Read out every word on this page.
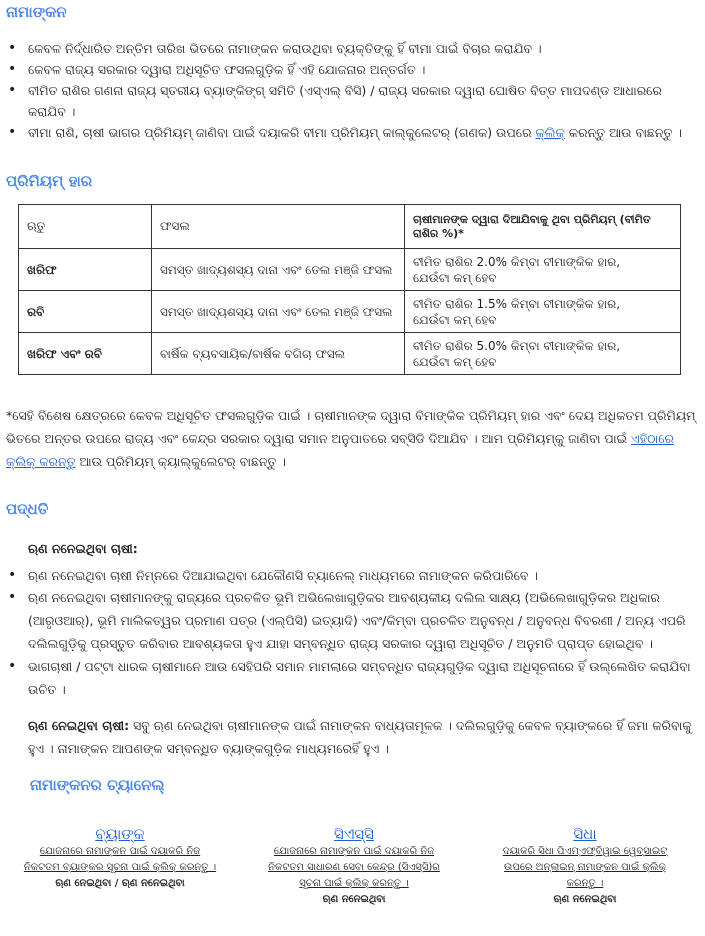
ନାମାଙ୍କନ
• କେବଳ ନିର୍ଦ୍ଧାରିତ ଅନ୍ତିମ ତାରିଖ ଭିତରେ ନାମାଙ୍କନ କରାଉଥିବା ବ୍ୟକ୍ତିଙ୍କୁ ହିଁ ବୀମା ପାଇଁ ବିଚାର କରାଯିବ ।
• କେବଳ ରାଜ୍ୟ ସରକାର ଦ୍ୱାରା ଅଧିସୂଚିତ ଫସଲଗୁଡ଼ିକ ହିଁ ଏହି ଯୋଜନାର ଅନ୍ତର୍ଗତ ।
• ବୀମିତ ରାଶିର ଗଣନା ରାଜ୍ୟ ସ୍ତରୀୟ ବ୍ୟାଙ୍କିଙ୍ଗ୍ ସମିତି (ଏସ୍ଏଲ୍ ବିସି) / ରାଜ୍ୟ ସରକାର ଦ୍ୱାରା ଘୋଷିତ ବିତ୍ତ ମାପଦଣ୍ଡ ଆଧାରରେ କରାଯିବ ।
• ବୀମା ରାଶି, ଚାଷୀ ଭାଗର ପ୍ରିମିୟମ୍ ଜାଣିବା ପାଇଁ ଦୟାକରି ବୀମା ପ୍ରିମିୟମ୍ କାଲ୍କୁଲେଟର୍ (ଗଣକ) ଉପରେ କ୍ଲିକ୍ କରନ୍ତୁ ଆଉ ବାଛନ୍ତୁ ।
ପ୍ରିମିୟମ୍ ହାର
ଋତୁ	ଫସଲ	ଚାଷୀମାନଙ୍କ ଦ୍ୱାରା ଦିଆଯିବାକୁ ଥିବା ପ୍ରିମିୟମ୍ (ବୀମିତ ରାଶିର %)*
ଖରିଫ	ସମସ୍ତ ଖାଦ୍ୟଶସ୍ୟ ଦାନା ଏବଂ ତେଲ ମଞ୍ଜି ଫସଲ	ବୀମିତ ରାଶିର 2.0% କିମ୍ବା ବୀମାଙ୍କିକ ହାର,
ଯେଉଁଟା କମ୍ ହେବ

ରବି	ସମସ୍ତ ଖାଦ୍ୟଶସ୍ୟ ଦାନା ଏବଂ ତେଲ ମଞ୍ଜି ଫସଲ	ବୀମିତ ରାଶିର 1.5% କିମ୍ବା ବୀମାଙ୍କିକ ହାର,
ଯେଉଁଟା କମ୍ ହେବ

ଖରିଫ ଏବଂ ରବି	ବାର୍ଷିକ ବ୍ୟବସାୟିକ/ବାର୍ଷିକ ବଗିଚା ଫସଲ	ବୀମିତ ରାଶିର 5.0% କିମ୍ବା ବୀମାଙ୍କିକ ହାର,
ଯେଉଁଟା କମ୍ ହେବ

*ସେହି ବିଶେଷ କ୍ଷେତ୍ରରେ କେବଳ ଅଧିସୂଚିତ ଫସଲଗୁଡ଼ିକ ପାଇଁ । ଚାଷୀମାନଙ୍କ ଦ୍ୱାରା ବିମାଙ୍କିକ ପ୍ରିମିୟମ୍ ହାର ଏବଂ ଦେୟ ଅଧିକତମ ପ୍ରିମିୟମ୍ ଭିତରେ ଅନ୍ତର ଉପରେ ରାଜ୍ୟ ଏବଂ କେନ୍ଦ୍ର ସରକାର ଦ୍ୱାରା ସମାନ ଅନୁପାତରେ ସବ୍ସିଡି ଦିଆଯିବ । ଆମ ପ୍ରିମିୟମ୍‌କୁ ଜାଣିବା ପାଇଁ ଏହିଠାରେ କ୍ଲିକ୍ କରନ୍ତୁ ଆଉ ପ୍ରିମିୟମ୍ କ୍ୟାଲ୍କୁଲେଟର୍ ବାଛନ୍ତୁ ।

ପଦ୍ଧତି

ଋଣ ନନେଇଥିବା ଚାଷୀ:

• ଋଣ ନନେଇଥିବା ଚାଷୀ ନିମ୍ନରେ ଦିଆଯାଇଥିବା ଯେକୌଣସି ଚ୍ୟାନେଲ୍ ମାଧ୍ୟମରେ ନାମାଙ୍କନ କରିପାରିବେ ।
• ଋଣ ନନେଇଥିବା ଚାଷୀମାନଙ୍କୁ ରାଜ୍ୟରେ ପ୍ରଚଳିତ ଭୂମି ଅଭିଲେଖାଗୁଡ଼ିକର ଆବଶ୍ୟକୀୟ ଦଲିଲ ସାକ୍ଷ୍ୟ (ଅଭିଲେଖାଗୁଡ଼ିକର ଅଧିକାର (ଆରୃଓଆର୍), ଭୂମି ମାଲିକତ୍ୱର ପ୍ରମାଣ ପତ୍ର (ଏଲ୍‌ପିସି) ଇତ୍ୟାଦି) ଏବଂ/କିମ୍ବା ପ୍ରଚଳିତ ଅନୁବନ୍ଧ / ଅନୁବନ୍ଧ ବିବରଣୀ / ଅନ୍ୟ ଏପରି ଦଲିଲଗୁଡ଼ିକୁ ପ୍ରସ୍ତୁତ କରିବାର ଆବଶ୍ୟକତା ହୁଏ ଯାହା ସମ୍ବନ୍ଧିତ ରାଜ୍ୟ ସରକାର ଦ୍ୱାରା ଅଧିସୂଚିତ / ଅନୁମତି ପ୍ରାପ୍ତ ହୋଇଥିବ ।
• ଭାଗଚାଷୀ / ପଟ୍ଟା ଧାରକ ଚାଷୀମାନେ ଆଉ ସେହିପରି ସମାନ ମାମଲାରେ ସମ୍ବନ୍ଧିତ ରାଜ୍ୟଗୁଡ଼ିକ ଦ୍ୱାରା ଅଧିସୂଚନାରେ ହିଁ ଉଲ୍ଲେଖିତ କରାଯିବା ଉଚିତ ।

ଋଣ ନେଇଥିବା ଚାଷୀ: ସବୁ ଋଣ ନେଇଥିବା ଚାଷୀମାନଙ୍କ ପାଇଁ ନାମାଙ୍କନ ବାଧ୍ୟତାମୂଳକ । ଦଲିଲଗୁଡ଼ିକୁ କେବଳ ବ୍ୟାଙ୍କରେ ହିଁ ଜମା କରିବାକୁ ହୁଏ । ନାମାଙ୍କନ ଆପଣଙ୍କ ସମ୍ବନ୍ଧିତ ବ୍ୟାଙ୍କଗୁଡ଼ିକ ମାଧ୍ୟମରେହିଁ ହୁଏ ।

ନାମାଙ୍କନର ଚ୍ୟାନେଲ୍
ବ୍ୟାଙ୍କ
ଯୋଜନାରେ ନାମାଙ୍କନ ପାଇଁ ଦୟାକରି ନିଜ
ନିକଟତମ ବ୍ୟାଙ୍କର ସୂଚନା ପାଇଁ କ୍ଲିକ୍ କରନ୍ତୁ ।
ଋଣ ନେଇଥିବା / ଋଣ ନନେଇଥିବା
ସିଏସ୍‌ସି
ଯୋଜନାରେ ନାମାଙ୍କନ ପାଇଁ ଦୟାକରି ନିଜ
ନିକଟତମ ସାଧାରଣ ସେବା କେନ୍ଦ୍ର (ସିଏସ୍‌ସି)ର
ସୂଚନା ପାଇଁ କ୍ଲିକ୍ କରନ୍ତୁ ।
ଋଣ ନନେଇଥିବା
ସିଧା
ଦୟାକରି ସିଧା ପିଏମ୍‌ଏଫ୍‌ବିୱାଇ ୱେବ୍‌ସାଇଟ୍
ଉପରେ ଅନ୍‌ଲାଇନ୍ ନାମାଙ୍କନ ପାଇଁ କ୍ଲିକ୍
କରନ୍ତୁ ।
ଋଣ ନନେଇଥିବା
